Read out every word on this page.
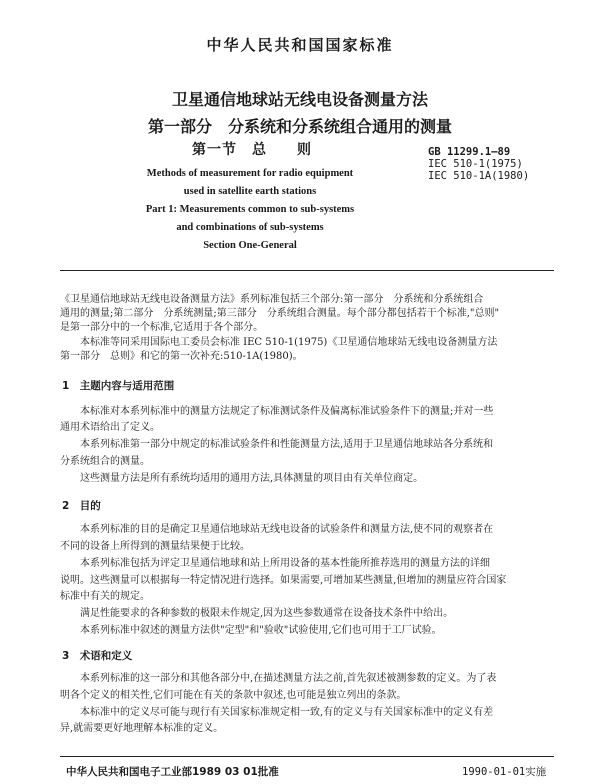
中华人民共和国国家标准
卫星通信地球站无线电设备测量方法
第一部分　分系统和分系统组合通用的测量
第一节　总　　则	GB 11299.1—89
IEC 510-1(1975)
IEC 510-1A(1980)
Methods of measurement for radio equipment
used in satellite earth stations
Part 1: Measurements common to sub-systems
and combinations of sub-systems
Section One-General
《卫星通信地球站无线电设备测量方法》系列标准包括三个部分:第一部分　分系统和分系统组合
通用的测量;第二部分　分系统测量;第三部分　分系统组合测量。每个部分都包括若干个标准,"总则"
是第一部分中的一个标准,它适用于各个部分。
　　本标准等同采用国际电工委员会标准 IEC 510-1(1975)《卫星通信地球站无线电设备测量方法
第一部分　总则》和它的第一次补充:510-1A(1980)。
1　主题内容与适用范围
　　本标准对本系列标准中的测量方法规定了标准测试条件及偏离标准试验条件下的测量;并对一些
通用术语给出了定义。
　　本系列标准第一部分中规定的标准试验条件和性能测量方法,适用于卫星通信地球站各分系统和
分系统组合的测量。
　　这些测量方法是所有系统均适用的通用方法,具体测量的项目由有关单位商定。
2　目的
　　本系列标准的目的是确定卫星通信地球站无线电设备的试验条件和测量方法,使不同的观察者在
不同的设备上所得到的测量结果便于比较。
　　本系列标准包括为评定卫星通信地球和站上所用设备的基本性能所推荐选用的测量方法的详细
说明。这些测量可以根据每一特定情况进行选择。如果需要,可增加某些测量,但增加的测量应符合国家
标准中有关的规定。
　　满足性能要求的各种参数的极限未作规定,因为这些参数通常在设备技术条件中给出。
　　本系列标准中叙述的测量方法供"定型"和"验收"试验使用,它们也可用于工厂试验。
3　术语和定义
　　本系列标准的这一部分和其他各部分中,在描述测量方法之前,首先叙述被测参数的定义。为了表
明各个定义的相关性,它们可能在有关的条款中叙述,也可能是独立列出的条款。
　　本标准中的定义尽可能与现行有关国家标准规定相一致,有的定义与有关国家标准中的定义有差
异,就需要更好地理解本标准的定义。
中华人民共和国电子工业部1989 03 01批准	1990-01-01实施
